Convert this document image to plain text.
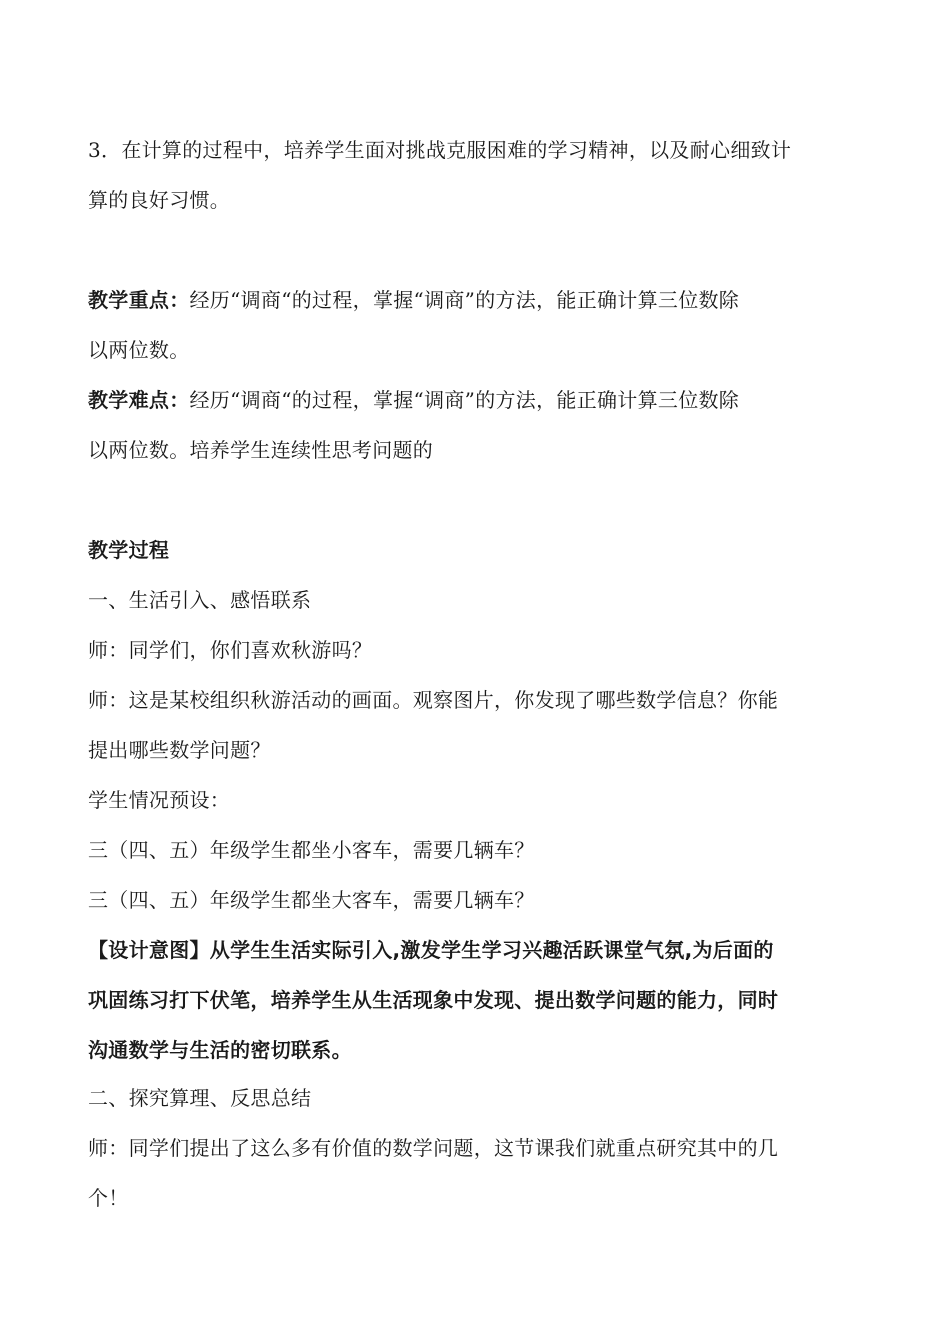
3．在计算的过程中，培养学生面对挑战克服困难的学习精神，以及耐心细致计
算的良好习惯。
教学重点：经历“调商“的过程，掌握“调商”的方法，能正确计算三位数除
以两位数。
教学难点：经历“调商“的过程，掌握“调商”的方法，能正确计算三位数除
以两位数。培养学生连续性思考问题的
教学过程
一、生活引入、感悟联系
师：同学们，你们喜欢秋游吗？
师：这是某校组织秋游活动的画面。观察图片，你发现了哪些数学信息？你能
提出哪些数学问题？
学生情况预设：
三（四、五）年级学生都坐小客车，需要几辆车？
三（四、五）年级学生都坐大客车，需要几辆车？
【设计意图】从学生生活实际引入,激发学生学习兴趣活跃课堂气氛,为后面的
巩固练习打下伏笔，培养学生从生活现象中发现、提出数学问题的能力，同时
沟通数学与生活的密切联系。
二、探究算理、反思总结
师：同学们提出了这么多有价值的数学问题，这节课我们就重点研究其中的几
个！
